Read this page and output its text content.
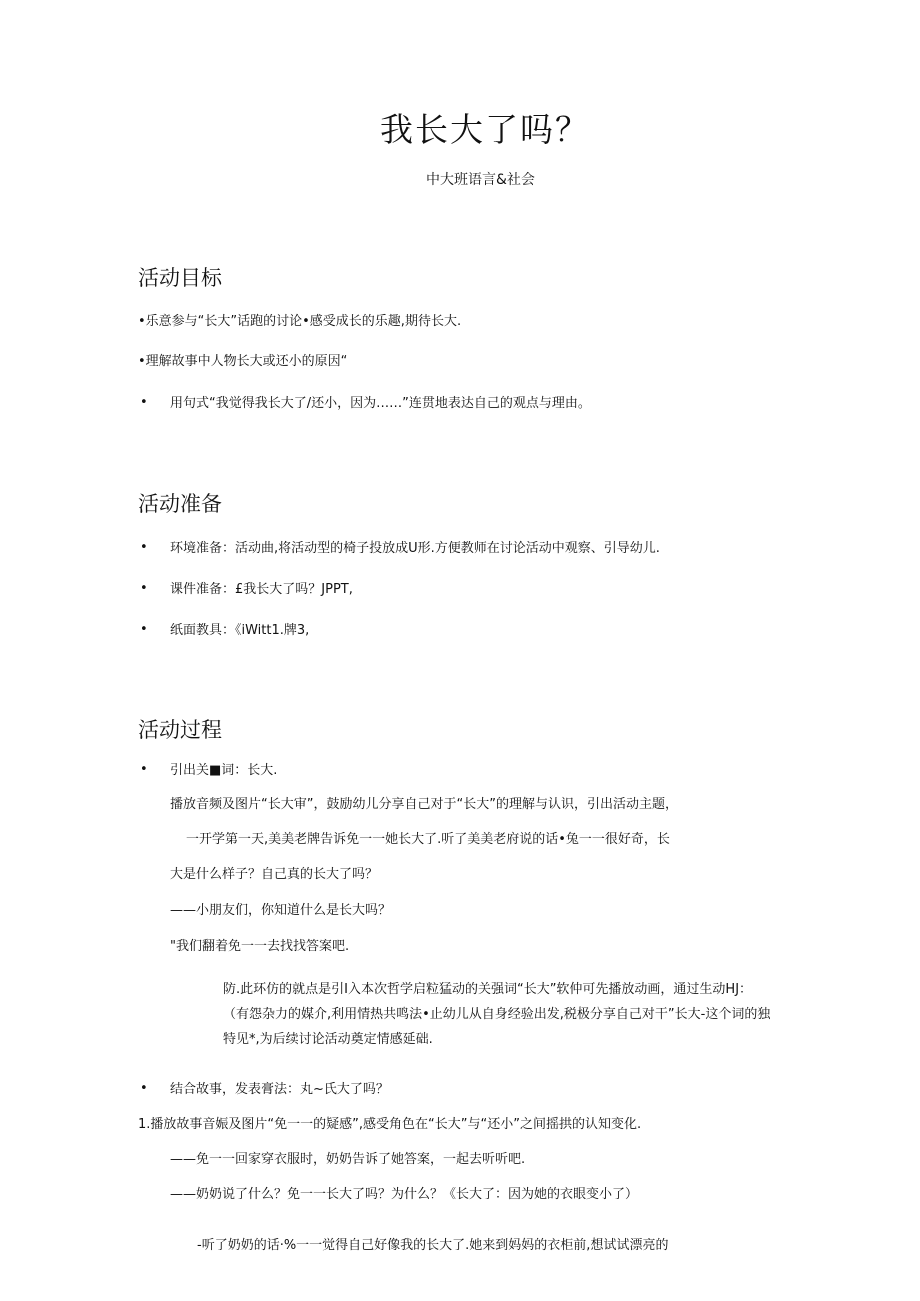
我长大了吗？
中大班语言&社会
活动目标
•乐意参与“长大”话跑的讨论•感受成长的乐趣,期待长大.
•理解故事中人物长大或还小的原因“
• 用句式“我觉得我长大了/还小，因为……”连贯地表达自己的观点与理由。
活动准备
• 环境准备：活动曲,将活动型的椅子投放成U形.方便教师在讨论活动中观察、引导幼儿.
• 课件准备：£我长大了吗？JPPT,
• 纸面教具：《iWitt1.牌3,
活动过程
• 引出关■词：长大.
播放音频及图片“长大审”，鼓励幼儿分享自己对于“长大”的理解与认识，引出活动主题，
一开学第一天,美美老牌告诉免一一她长大了.听了美美老府说的话•兔一一很好奇，长
大是什么样子？自己真的长大了吗？
——小朋友们，你知道什么是长大吗？
"我们翻着免一一去找找答案吧.
防.此环仿的就点是引I入本次哲学启粒猛动的关强词“长大”软仲可先播放动画，通过生动HJ：
（有怨杂力的媒介,利用情热共鸣法•止幼儿从自身经验出发,税极分享自己对干”长大-这个词的独
特见*,为后续讨论活动奠定情感延础.
• 结合故事，发表膏法：丸~氏大了吗？
1.播放故事音娠及图片“免一一的疑感”,感受角色在“长大”与“还小”之间摇拱的认知变化.
——免一一回家穿衣服时，奶奶告诉了她答案，一起去听听吧.
——奶奶说了什么？免一一长大了吗？为什么？《长大了：因为她的衣眼变小了）
-听了奶奶的话·%一一觉得自己好像我的长大了.她来到妈妈的衣柜前,想试试漂亮的
